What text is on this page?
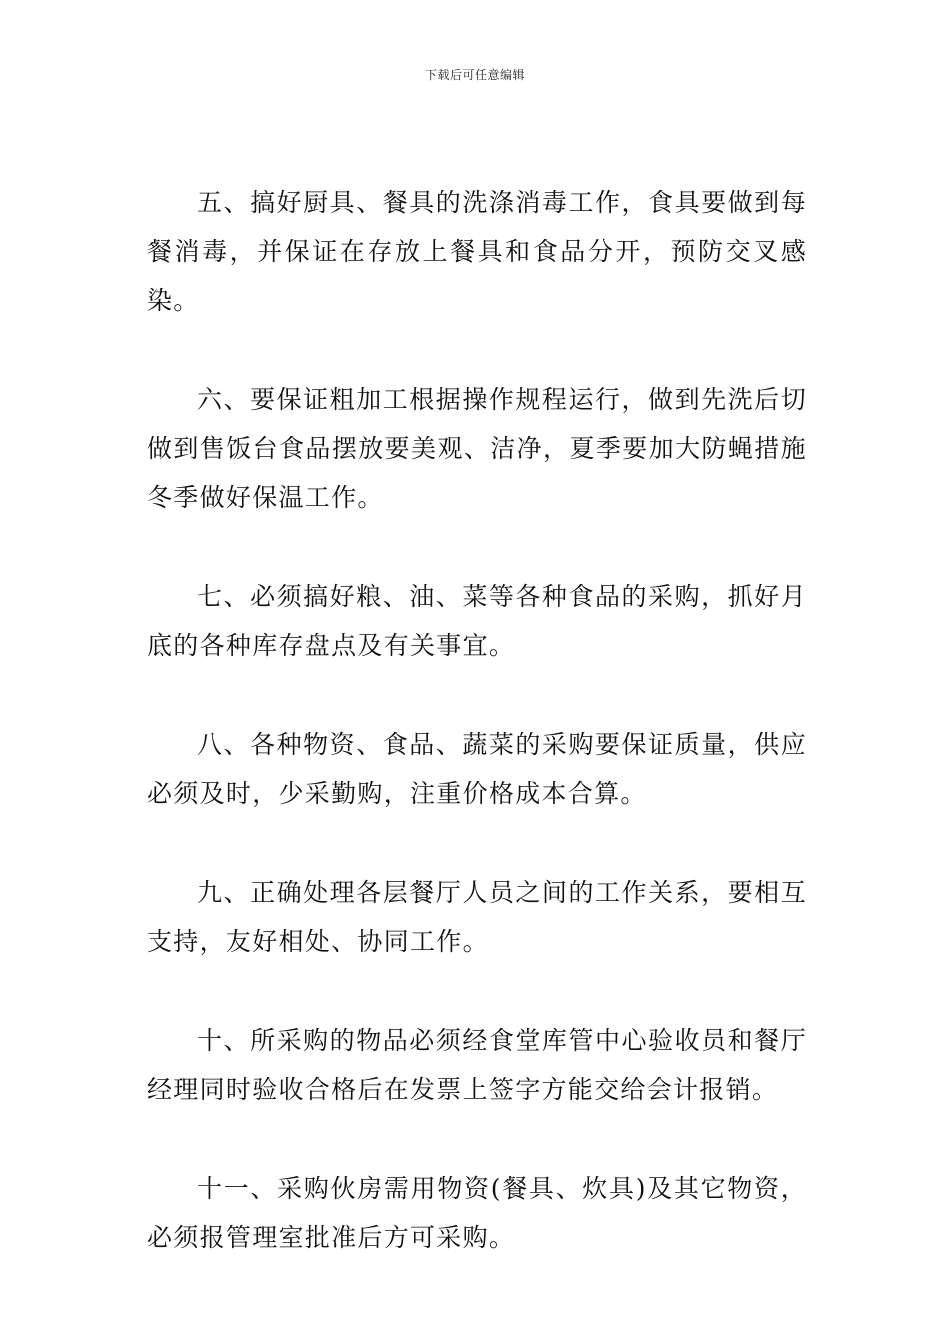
下载后可任意编辑

五、搞好厨具、餐具的洗涤消毒工作，食具要做到每餐消毒，并保证在存放上餐具和食品分开，预防交叉感染。

六、要保证粗加工根据操作规程运行，做到先洗后切做到售饭台食品摆放要美观、洁净，夏季要加大防蝇措施冬季做好保温工作。

七、必须搞好粮、油、菜等各种食品的采购，抓好月底的各种库存盘点及有关事宜。

八、各种物资、食品、蔬菜的采购要保证质量，供应必须及时，少采勤购，注重价格成本合算。

九、正确处理各层餐厅人员之间的工作关系，要相互支持，友好相处、协同工作。

十、所采购的物品必须经食堂库管中心验收员和餐厅经理同时验收合格后在发票上签字方能交给会计报销。

十一、采购伙房需用物资(餐具、炊具)及其它物资，必须报管理室批准后方可采购。
